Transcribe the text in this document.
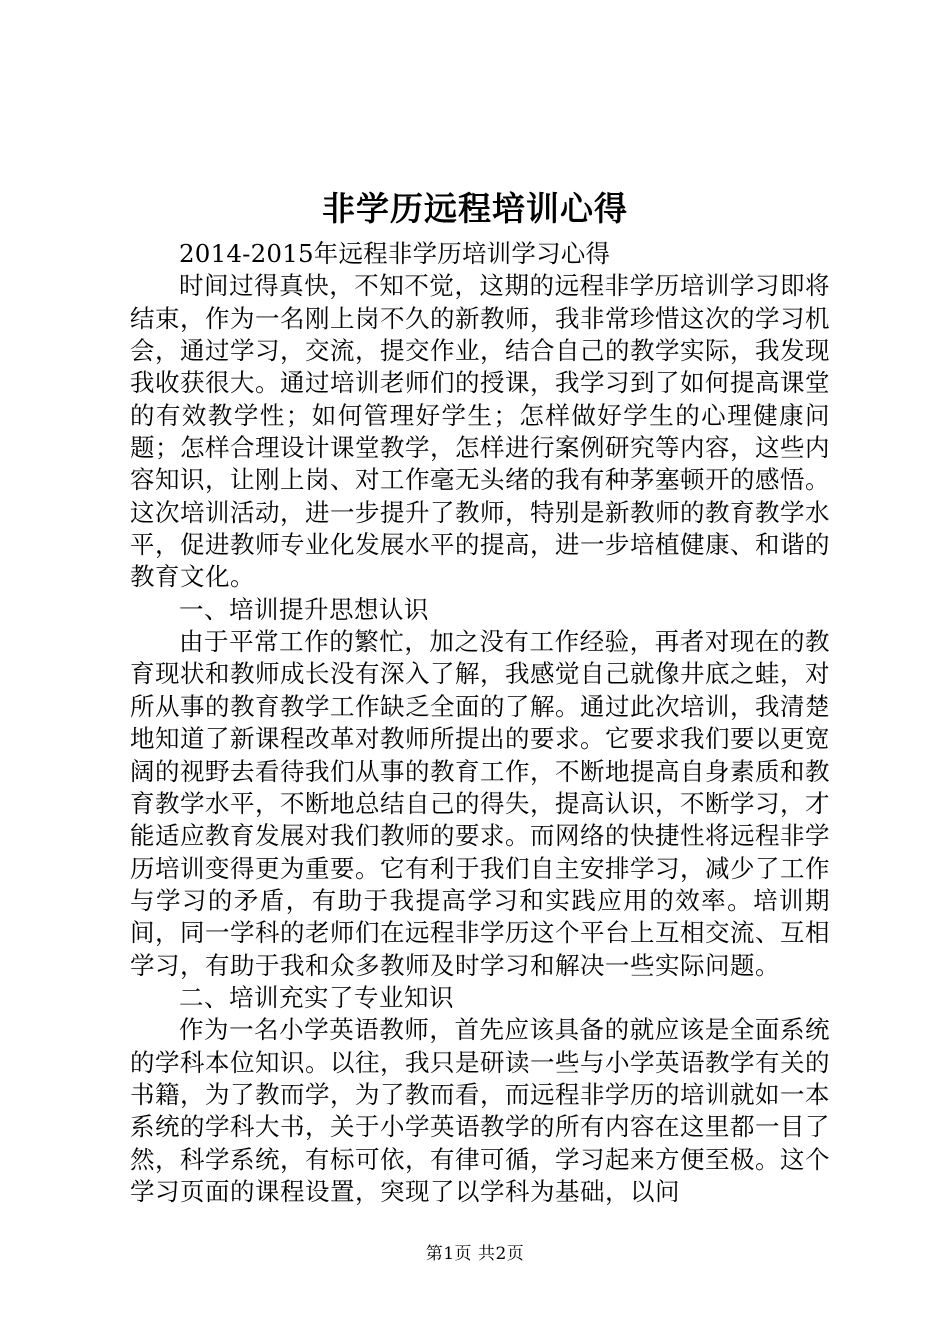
非学历远程培训心得

2014-2015年远程非学历培训学习心得

时间过得真快，不知不觉，这期的远程非学历培训学习即将结束，作为一名刚上岗不久的新教师，我非常珍惜这次的学习机会，通过学习，交流，提交作业，结合自己的教学实际，我发现我收获很大。通过培训老师们的授课，我学习到了如何提高课堂的有效教学性；如何管理好学生；怎样做好学生的心理健康问题；怎样合理设计课堂教学，怎样进行案例研究等内容，这些内容知识，让刚上岗、对工作毫无头绪的我有种茅塞顿开的感悟。这次培训活动，进一步提升了教师，特别是新教师的教育教学水平，促进教师专业化发展水平的提高，进一步培植健康、和谐的教育文化。

一、培训提升思想认识

由于平常工作的繁忙，加之没有工作经验，再者对现在的教育现状和教师成长没有深入了解，我感觉自己就像井底之蛙，对所从事的教育教学工作缺乏全面的了解。通过此次培训，我清楚地知道了新课程改革对教师所提出的要求。它要求我们要以更宽阔的视野去看待我们从事的教育工作，不断地提高自身素质和教育教学水平，不断地总结自己的得失，提高认识，不断学习，才能适应教育发展对我们教师的要求。而网络的快捷性将远程非学历培训变得更为重要。它有利于我们自主安排学习，减少了工作与学习的矛盾，有助于我提高学习和实践应用的效率。培训期间，同一学科的老师们在远程非学历这个平台上互相交流、互相学习，有助于我和众多教师及时学习和解决一些实际问题。

二、培训充实了专业知识

作为一名小学英语教师，首先应该具备的就应该是全面系统的学科本位知识。以往，我只是研读一些与小学英语教学有关的书籍，为了教而学，为了教而看，而远程非学历的培训就如一本系统的学科大书，关于小学英语教学的所有内容在这里都一目了然，科学系统，有标可依，有律可循，学习起来方便至极。这个学习页面的课程设置，突现了以学科为基础，以问

第1页 共2页
